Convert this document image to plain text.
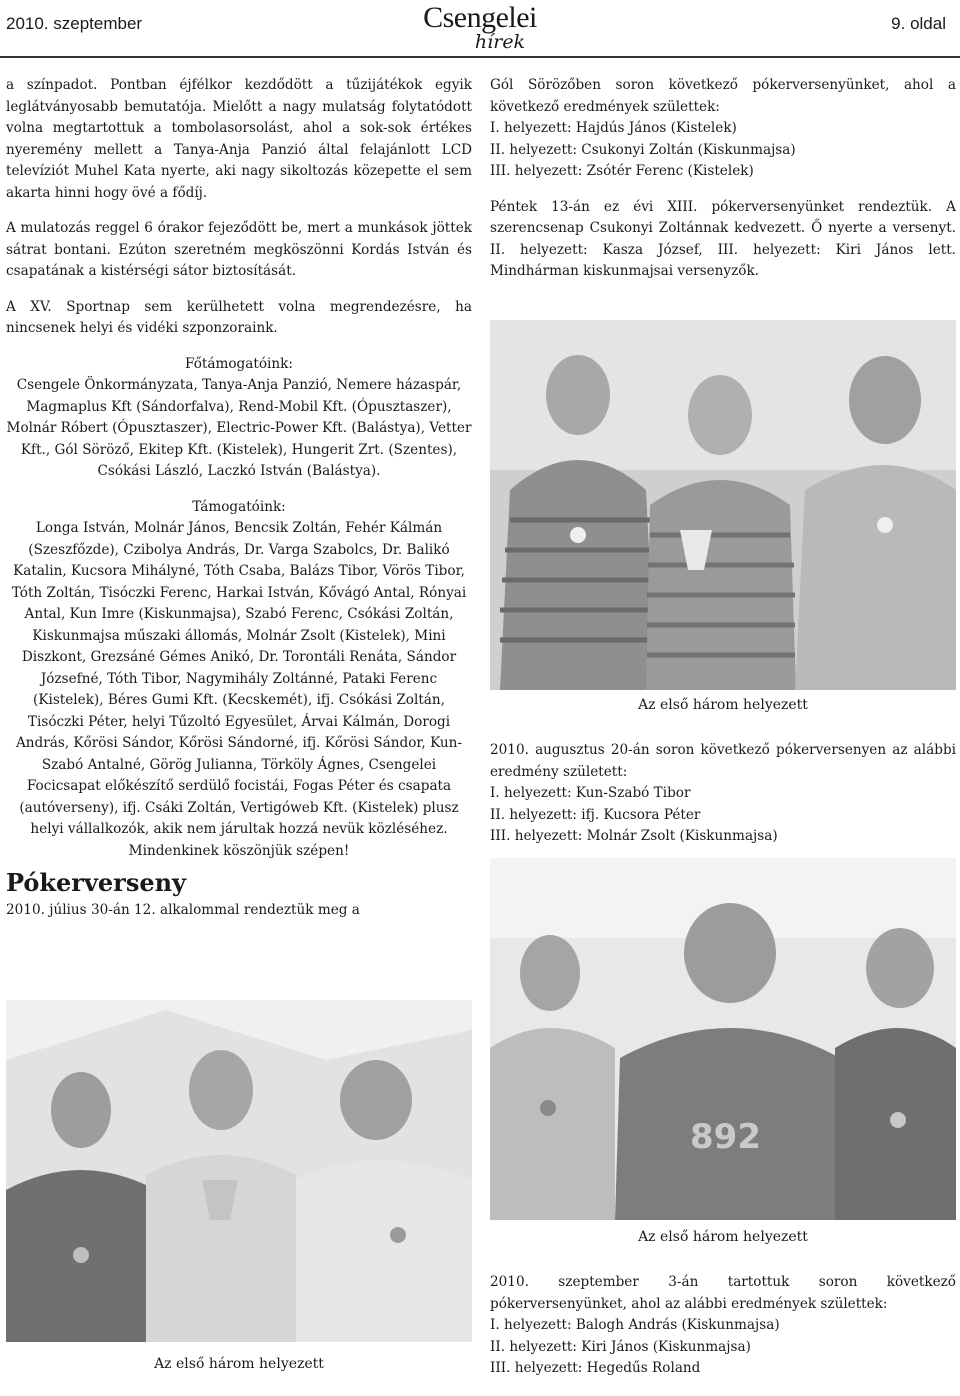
2010. szeptember	Csengelei
hírek
9. oldal

a színpadot. Pontban éjfélkor kezdődött a tűzijátékok egyik leglátványosabb bemutatója. Mielőtt a nagy mulatság folytatódott volna megtartottuk a tombolasorsolást, ahol a sok-sok értékes nyeremény mellett a Tanya-Anja Panzió által felajánlott LCD televíziót Muhel Kata nyerte, aki nagy sikoltozás közepette el sem akarta hinni hogy övé a fődíj.

A mulatozás reggel 6 órakor fejeződött be, mert a munkások jöttek sátrat bontani. Ezúton szeretném megköszönni Kordás István és csapatának a kistérségi sátor biztosítását.

A XV. Sportnap sem kerülhetett volna megrendezésre, ha nincsenek helyi és vidéki szponzoraink.

Főtámogatóink:

Csengele Önkormányzata, Tanya-Anja Panzió, Nemere házaspár, Magmaplus Kft (Sándorfalva), Rend-Mobil Kft. (Ópusztaszer), Molnár Róbert (Ópusztaszer), Electric-Power Kft. (Balástya), Vetter Kft., Gól Söröző, Ekitep Kft. (Kistelek), Hungerit Zrt. (Szentes), Csókási László, Laczkó István (Balástya).

Támogatóink:

Longa István, Molnár János, Bencsik Zoltán, Fehér Kálmán (Szeszfőzde), Czibolya András, Dr. Varga Szabolcs, Dr. Balikó Katalin, Kucsora Mihályné, Tóth Csaba, Balázs Tibor, Vörös Tibor, Tóth Zoltán, Tisóczki Ferenc, Harkai István, Kővágó Antal, Rónyai Antal, Kun Imre (Kiskunmajsa), Szabó Ferenc, Csókási Zoltán, Kiskunmajsa műszaki állomás, Molnár Zsolt (Kistelek), Mini Diszkont, Grezsáné Gémes Anikó, Dr. Torontáli Renáta, Sándor Józsefné, Tóth Tibor, Nagymihály Zoltánné, Pataki Ferenc (Kistelek), Béres Gumi Kft. (Kecskemét), ifj. Csókási Zoltán, Tisóczki Péter, helyi Tűzoltó Egyesület, Árvai Kálmán, Dorogi András, Kőrösi Sándor, Kőrösi Sándorné, ifj. Kőrösi Sándor, Kun-Szabó Antalné, Görög Julianna, Törköly Ágnes, Csengelei Focicsapat előkészítő serdülő focistái, Fogas Péter és csapata (autóverseny), ifj. Csáki Zoltán, Vertigóweb Kft. (Kistelek) plusz helyi vállalkozók, akik nem járultak hozzá nevük közléséhez.

Mindenkinek köszönjük szépen!

Pókerverseny

2010. július 30-án 12. alkalommal rendeztük meg a

Gól Sörözőben soron következő pókerversenyünket, ahol a következő eredmények születtek:

I. helyezett: Hajdús János (Kistelek)

II. helyezett: Csukonyi Zoltán (Kiskunmajsa)

III. helyezett: Zsótér Ferenc (Kistelek)

Péntek 13-án ez évi XIII. pókerversenyünket rendeztük. A szerencsenap Csukonyi Zoltánnak kedvezett. Ő nyerte a versenyt. II. helyezett: Kasza József, III. helyezett: Kiri János lett. Mindhárman kiskunmajsai versenyzők.

Az első három helyezett

2010. augusztus 20-án soron következő pókerversenyen az alábbi eredmény született:

I. helyezett: Kun-Szabó Tibor

II. helyezett: ifj. Kucsora Péter

III. helyezett: Molnár Zsolt (Kiskunmajsa)

892
Az első három helyezett

2010. szeptember 3-án tartottuk soron következő pókerversenyünket, ahol az alábbi eredmények születtek:

I. helyezett: Balogh András (Kiskunmajsa)

II. helyezett: Kiri János (Kiskunmajsa)

III. helyezett: Hegedűs Roland

Az első három helyezett
